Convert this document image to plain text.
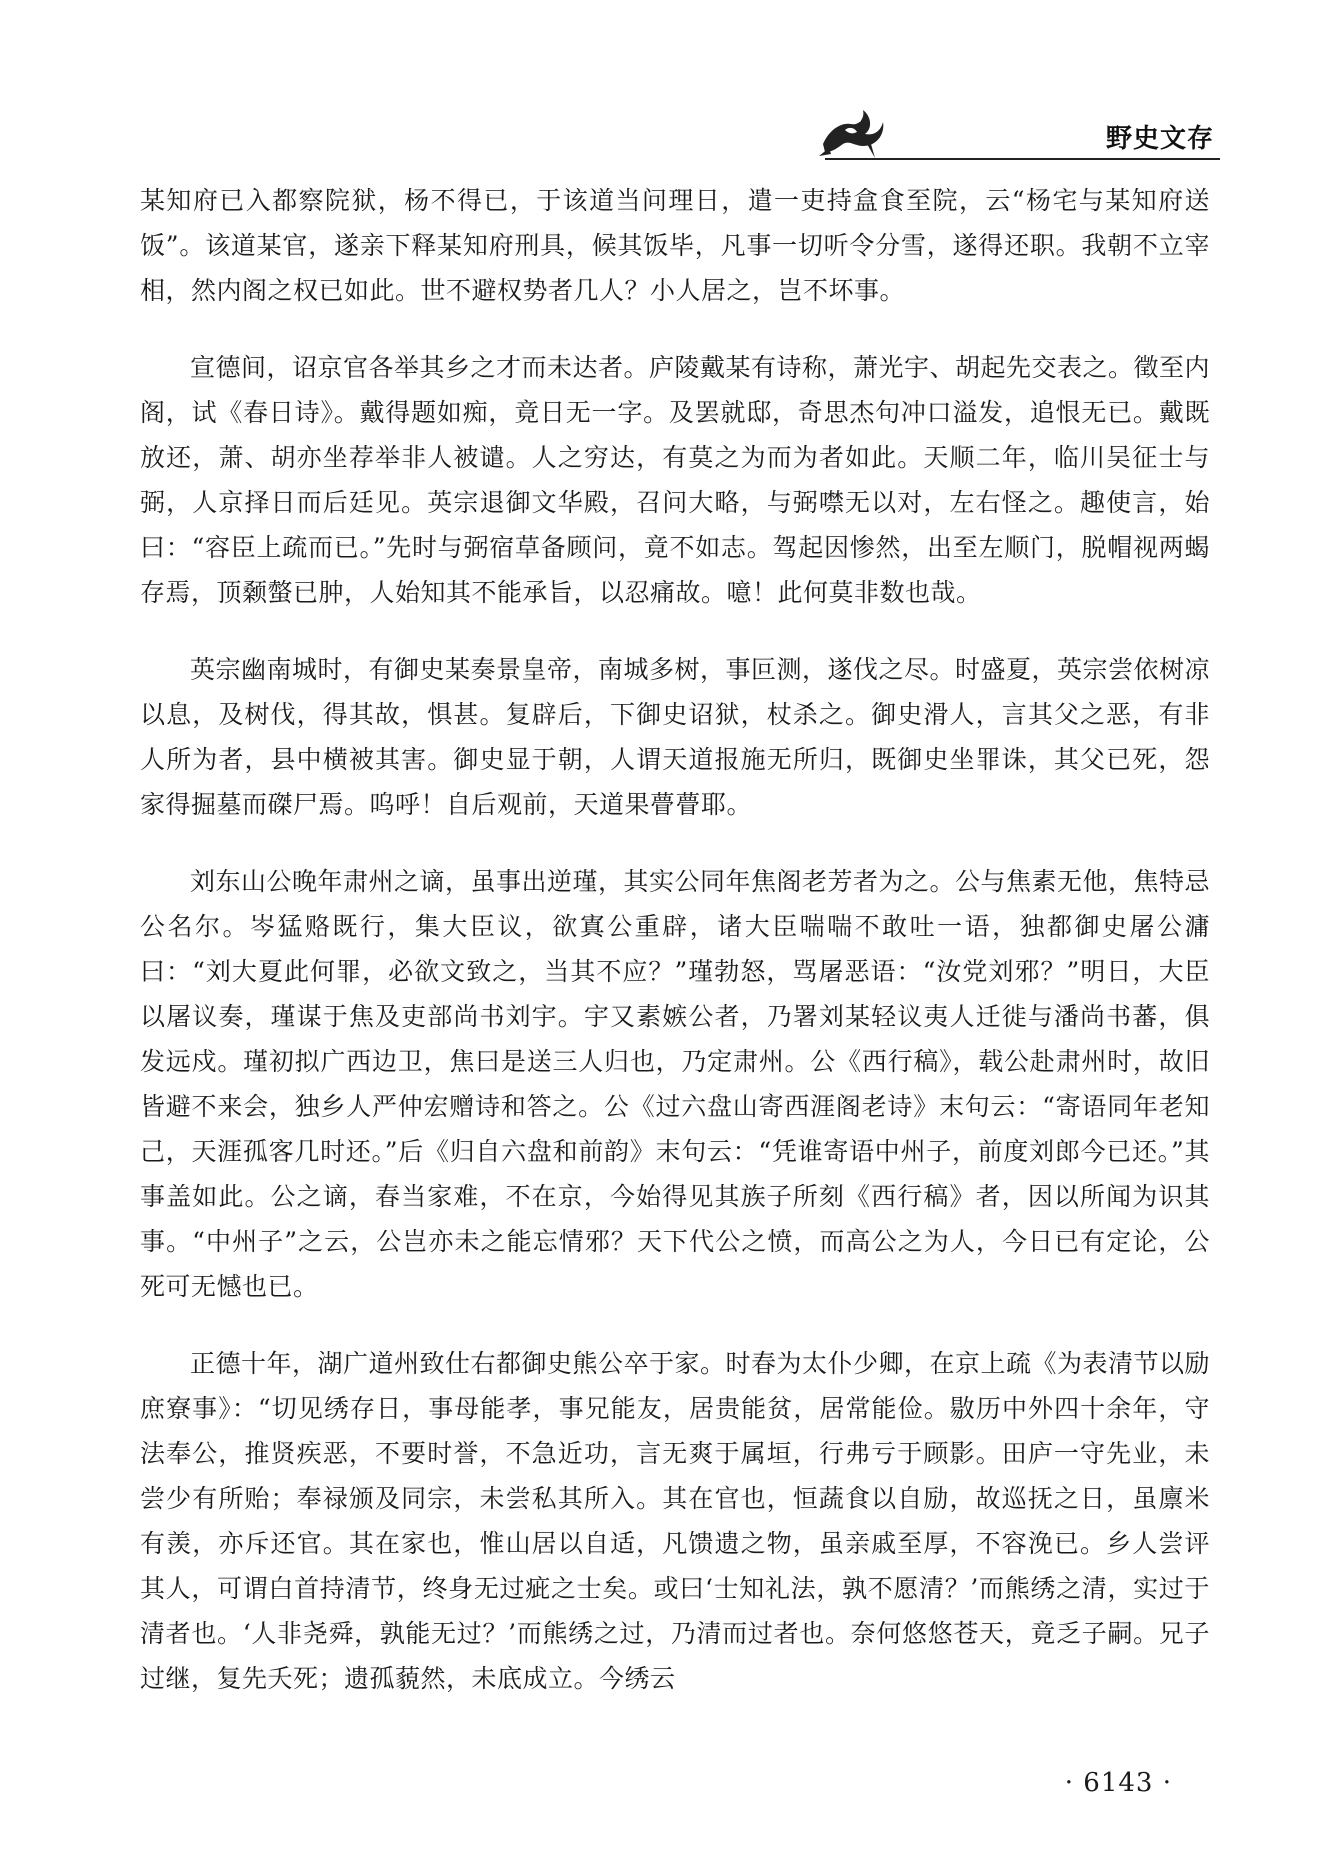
野史文存

某知府已入都察院狱，杨不得已，于该道当问理日，遣一吏持盒食至院，云“杨宅与某知府送饭”。该道某官，遂亲下释某知府刑具，候其饭毕，凡事一切听令分雪，遂得还职。我朝不立宰相，然内阁之权已如此。世不避权势者几人？小人居之，岂不坏事。

宣德间，诏京官各举其乡之才而未达者。庐陵戴某有诗称，萧光宇、胡起先交表之。徵至内阁，试《春日诗》。戴得题如痴，竟日无一字。及罢就邸，奇思杰句冲口溢发，追恨无已。戴既放还，萧、胡亦坐荐举非人被谴。人之穷达，有莫之为而为者如此。天顺二年，临川吴征士与弼，人京择日而后廷见。英宗退御文华殿，召问大略，与弼噤无以对，左右怪之。趣使言，始曰：“容臣上疏而已。”先时与弼宿草备顾问，竟不如志。驾起因惨然，出至左顺门，脱帽视两蝎存焉，顶颡螫已肿，人始知其不能承旨，以忍痛故。噫！此何莫非数也哉。

英宗幽南城时，有御史某奏景皇帝，南城多树，事叵测，遂伐之尽。时盛夏，英宗尝依树凉以息，及树伐，得其故，惧甚。复辟后，下御史诏狱，杖杀之。御史滑人，言其父之恶，有非人所为者，县中横被其害。御史显于朝，人谓天道报施无所归，既御史坐罪诛，其父已死，怨家得掘墓而磔尸焉。呜呼！自后观前，天道果瞢瞢耶。

刘东山公晚年肃州之谪，虽事出逆瑾，其实公同年焦阁老芳者为之。公与焦素无他，焦特忌公名尔。岑猛赂既行，集大臣议，欲寘公重辟，诸大臣喘喘不敢吐一语，独都御史屠公滽曰：“刘大夏此何罪，必欲文致之，当其不应？”瑾勃怒，骂屠恶语：“汝党刘邪？”明日，大臣以屠议奏，瑾谋于焦及吏部尚书刘宇。宇又素嫉公者，乃署刘某轻议夷人迁徙与潘尚书蕃，俱发远戍。瑾初拟广西边卫，焦曰是送三人归也，乃定肃州。公《西行稿》，载公赴肃州时，故旧皆避不来会，独乡人严仲宏赠诗和答之。公《过六盘山寄西涯阁老诗》末句云：“寄语同年老知己，天涯孤客几时还。”后《归自六盘和前韵》末句云：“凭谁寄语中州子，前度刘郎今已还。”其事盖如此。公之谪，春当家难，不在京，今始得见其族子所刻《西行稿》者，因以所闻为识其事。“中州子”之云，公岂亦未之能忘情邪？天下代公之愤，而高公之为人，今日已有定论，公死可无憾也已。

正德十年，湖广道州致仕右都御史熊公卒于家。时春为太仆少卿，在京上疏《为表清节以励庶寮事》：“切见绣存日，事母能孝，事兄能友，居贵能贫，居常能俭。敭历中外四十余年，守法奉公，推贤疾恶，不要时誉，不急近功，言无爽于属垣，行弗亏于顾影。田庐一守先业，未尝少有所贻；奉禄颁及同宗，未尝私其所入。其在官也，恒蔬食以自励，故巡抚之日，虽廪米有羡，亦斥还官。其在家也，惟山居以自适，凡馈遗之物，虽亲戚至厚，不容浼已。乡人尝评其人，可谓白首持清节，终身无过疵之士矣。或曰‘士知礼法，孰不愿清？’而熊绣之清，实过于清者也。‘人非尧舜，孰能无过？’而熊绣之过，乃清而过者也。奈何悠悠苍天，竟乏子嗣。兄子过继，复先夭死；遗孤藐然，未底成立。今绣云

· 6143 ·
